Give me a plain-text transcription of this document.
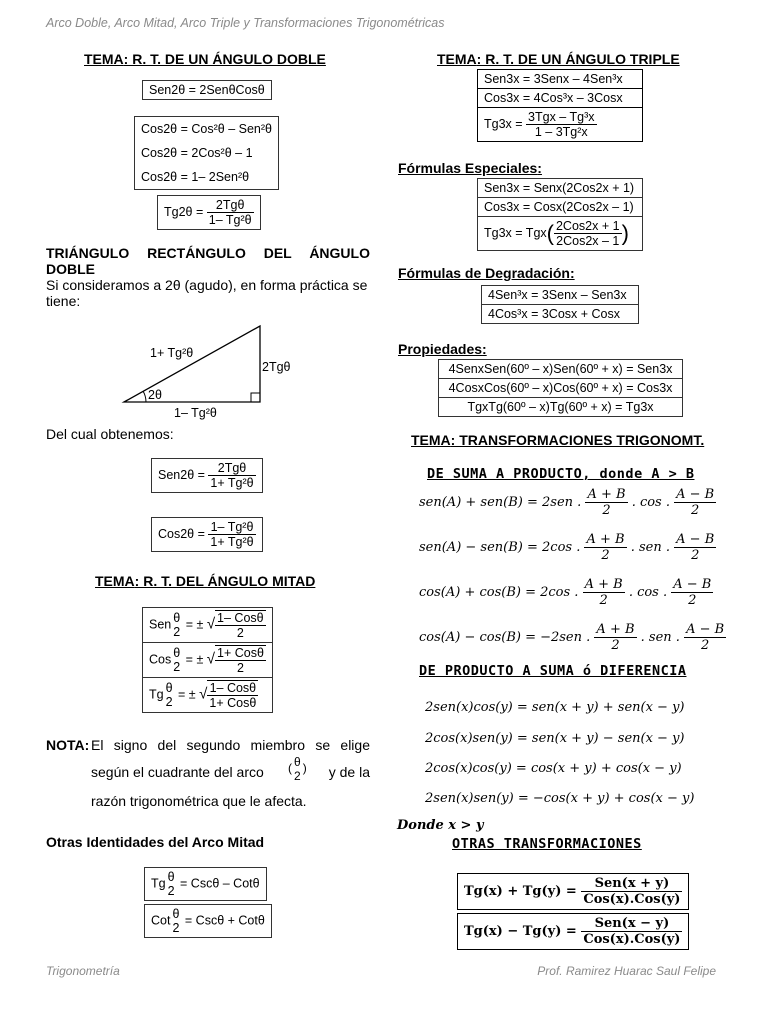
Arco Doble, Arco Mitad, Arco Triple y Transformaciones Trigonométricas
Trigonometría	Prof. Ramirez Huarac Saul Felipe
TEMA: R. T. DE UN ÁNGULO DOBLE
Sen2θ = 2SenθCosθ
Cos2θ = Cos²θ – Sen²θ
Cos2θ = 2Cos²θ – 1
Cos2θ = 1– 2Sen²θ
$Tg2\theta = \frac{\text{2Tgθ}}{\text{1– Tg²θ}}$
TRIÁNGULO RECTÁNGULO DEL ÁNGULO DOBLE
Si consideramos a 2θ (agudo), en forma práctica se tiene:
1+ Tg²θ
2Tgθ
1– Tg²θ
2θ
Del cual obtenemos:
$Sen2\theta = \frac{\text{2Tgθ}}{\text{1+ Tg²θ}}$
$Cos2\theta = \frac{\text{1– Tg²θ}}{\text{1+ Tg²θ}}$
TEMA: R. T. DEL ÁNGULO MITAD
Sen θ
2
= ± √ $\frac{\text{1– Cosθ}}{2}$
Cos θ
2
= ± √ $\frac{\text{1+ Cosθ}}{2}$
Tg θ
2
= ± √ $\frac{\text{1– Cosθ}}{\text{1+ Cosθ}}$
NOTA: El signo del segundo miembro se elige
según el cuadrante del arco ( θ
2
)	y de la
razón trigonométrica que le afecta.
Otras Identidades del Arco Mitad
Tg θ
2
= Cscθ – Cotθ
Cot θ
2
= Cscθ + Cotθ
TEMA: R. T. DE UN ÁNGULO TRIPLE
Sen3x = 3Senx – 4Sen³x
Cos3x = 4Cos³x – 3Cosx
$Tg3x = \frac{\text{3Tgx – Tg³x}}{\text{1 – 3Tg²x}}$
Fórmulas Especiales:
Sen3x = Senx(2Cos2x + 1)
Cos3x = Cosx(2Cos2x – 1)
$Tg3x = Tgx( \frac{\text{2Cos2x + 1}}{\text{2Cos2x – 1}}$ )
Fórmulas de Degradación:
4Sen³x = 3Senx – Sen3x
4Cos³x = 3Cosx + Cosx
Propiedades:
4SenxSen(60º – x)Sen(60º + x) = Sen3x
4CosxCos(60º – x)Cos(60º + x) = Cos3x
TgxTg(60º – x)Tg(60º + x) = Tg3x
TEMA: TRANSFORMACIONES TRIGONOMT.
DE SUMA A PRODUCTO, donde A > B
sen(A) + sen(B) = 2sen . $\frac{A + B}{2}$ . cos . $\frac{A - B}{2}$
sen(A) − sen(B) = 2cos . $\frac{A + B}{2}$ . sen . $\frac{A - B}{2}$
cos(A) + cos(B) = 2cos . $\frac{A + B}{2}$ . cos . $\frac{A - B}{2}$
cos(A) − cos(B) = −2sen . $\frac{A + B}{2}$ . sen . $\frac{A - B}{2}$
DE PRODUCTO A SUMA ó DIFERENCIA
2sen(x)cos(y) = sen(x + y) + sen(x − y)
2cos(x)sen(y) = sen(x + y) − sen(x − y)
2cos(x)cos(y) = cos(x + y) + cos(x − y)
2sen(x)sen(y) = −cos(x + y) + cos(x − y)
Donde x > y
OTRAS TRANSFORMACIONES
$Tg(x) + Tg(y) = \frac{\text{Sen(x + y)}}{\text{Cos(x).Cos(y)}}$
$Tg(x) - Tg(y) = \frac{\text{Sen(x − y)}}{\text{Cos(x).Cos(y)}}$
